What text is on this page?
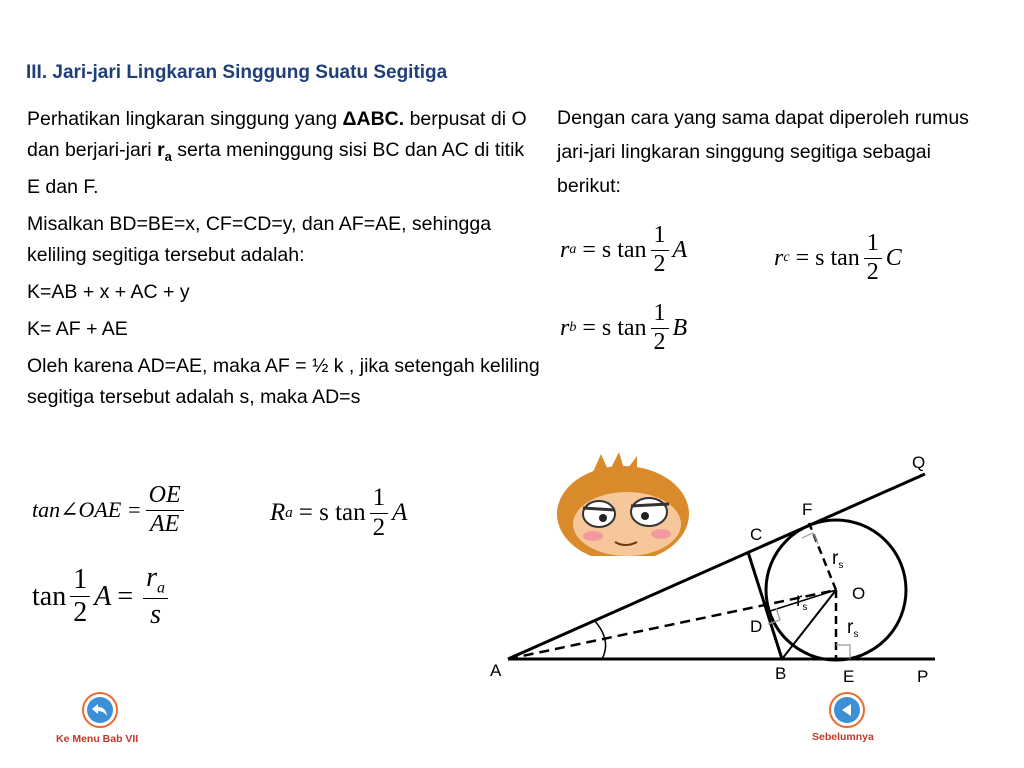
III. Jari-jari Lingkaran Singgung Suatu Segitiga

Perhatikan lingkaran singgung yang ΔABC. berpusat di O dan berjari-jari $r_a$ serta meninggung sisi BC dan AC di titik E dan F.

Misalkan BD=BE=x, CF=CD=y, dan AF=AE, sehingga keliling segitiga tersebut adalah:

K=AB + x + AC + y

K= AF + AE

Oleh karena AD=AE, maka AF = ½ k , jika setengah keliling segitiga tersebut adalah s, maka AD=s

Dengan cara yang sama dapat diperoleh rumus jari-jari lingkaran singgung segitiga sebagai berikut:
tan∠OAE = $\frac{OE}{AE}$	R a = s $\tan \frac{1}{2}$ A
$\tan \frac{1}{2}$ $A = \frac{r_a}{s}$
r a = s $\tan \frac{1}{2}$ A	r c = s $\tan \frac{1}{2}$ C
r b = s $\tan \frac{1}{2}$ B
A	B
C
D
E
F
O
P
Q
$r_s$
$r_s$
$r_s$
Ke Menu Bab VII	Sebelumnya
